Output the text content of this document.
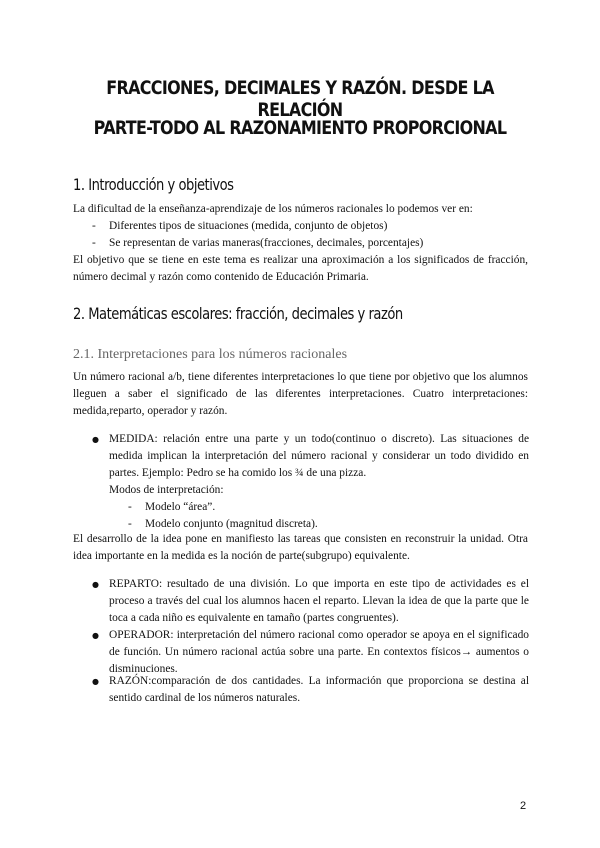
FRACCIONES, DECIMALES Y RAZÓN. DESDE LA RELACIÓN
PARTE-TODO AL RAZONAMIENTO PROPORCIONAL
1. Introducción y objetivos
La dificultad de la enseñanza-aprendizaje de los números racionales lo podemos ver en:
- Diferentes tipos de situaciones (medida, conjunto de objetos)
- Se representan de varias maneras(fracciones, decimales, porcentajes)
El objetivo que se tiene en este tema es realizar una aproximación a los significados de fracción, número decimal y razón como contenido de Educación Primaria.
2. Matemáticas escolares: fracción, decimales y razón
2.1. Interpretaciones para los números racionales
Un número racional a/b, tiene diferentes interpretaciones lo que tiene por objetivo que los alumnos lleguen a saber el significado de las diferentes interpretaciones. Cuatro interpretaciones: medida,reparto, operador y razón.
● MEDIDA: relación entre una parte y un todo(continuo o discreto). Las situaciones de medida implican la interpretación del número racional y considerar un todo dividido en partes. Ejemplo: Pedro se ha comido los ¾ de una pizza.
Modos de interpretación:
- Modelo “área”.
- Modelo conjunto (magnitud discreta).
El desarrollo de la idea pone en manifiesto las tareas que consisten en reconstruir la unidad. Otra idea importante en la medida es la noción de parte(subgrupo) equivalente.
● REPARTO: resultado de una división. Lo que importa en este tipo de actividades es el proceso a través del cual los alumnos hacen el reparto. Llevan la idea de que la parte que le toca a cada niño es equivalente en tamaño (partes congruentes).
● OPERADOR: interpretación del número racional como operador se apoya en el significado de función. Un número racional actúa sobre una parte. En contextos físicos→ aumentos o disminuciones.
● RAZÓN:comparación de dos cantidades. La información que proporciona se destina al sentido cardinal de los números naturales.
2
